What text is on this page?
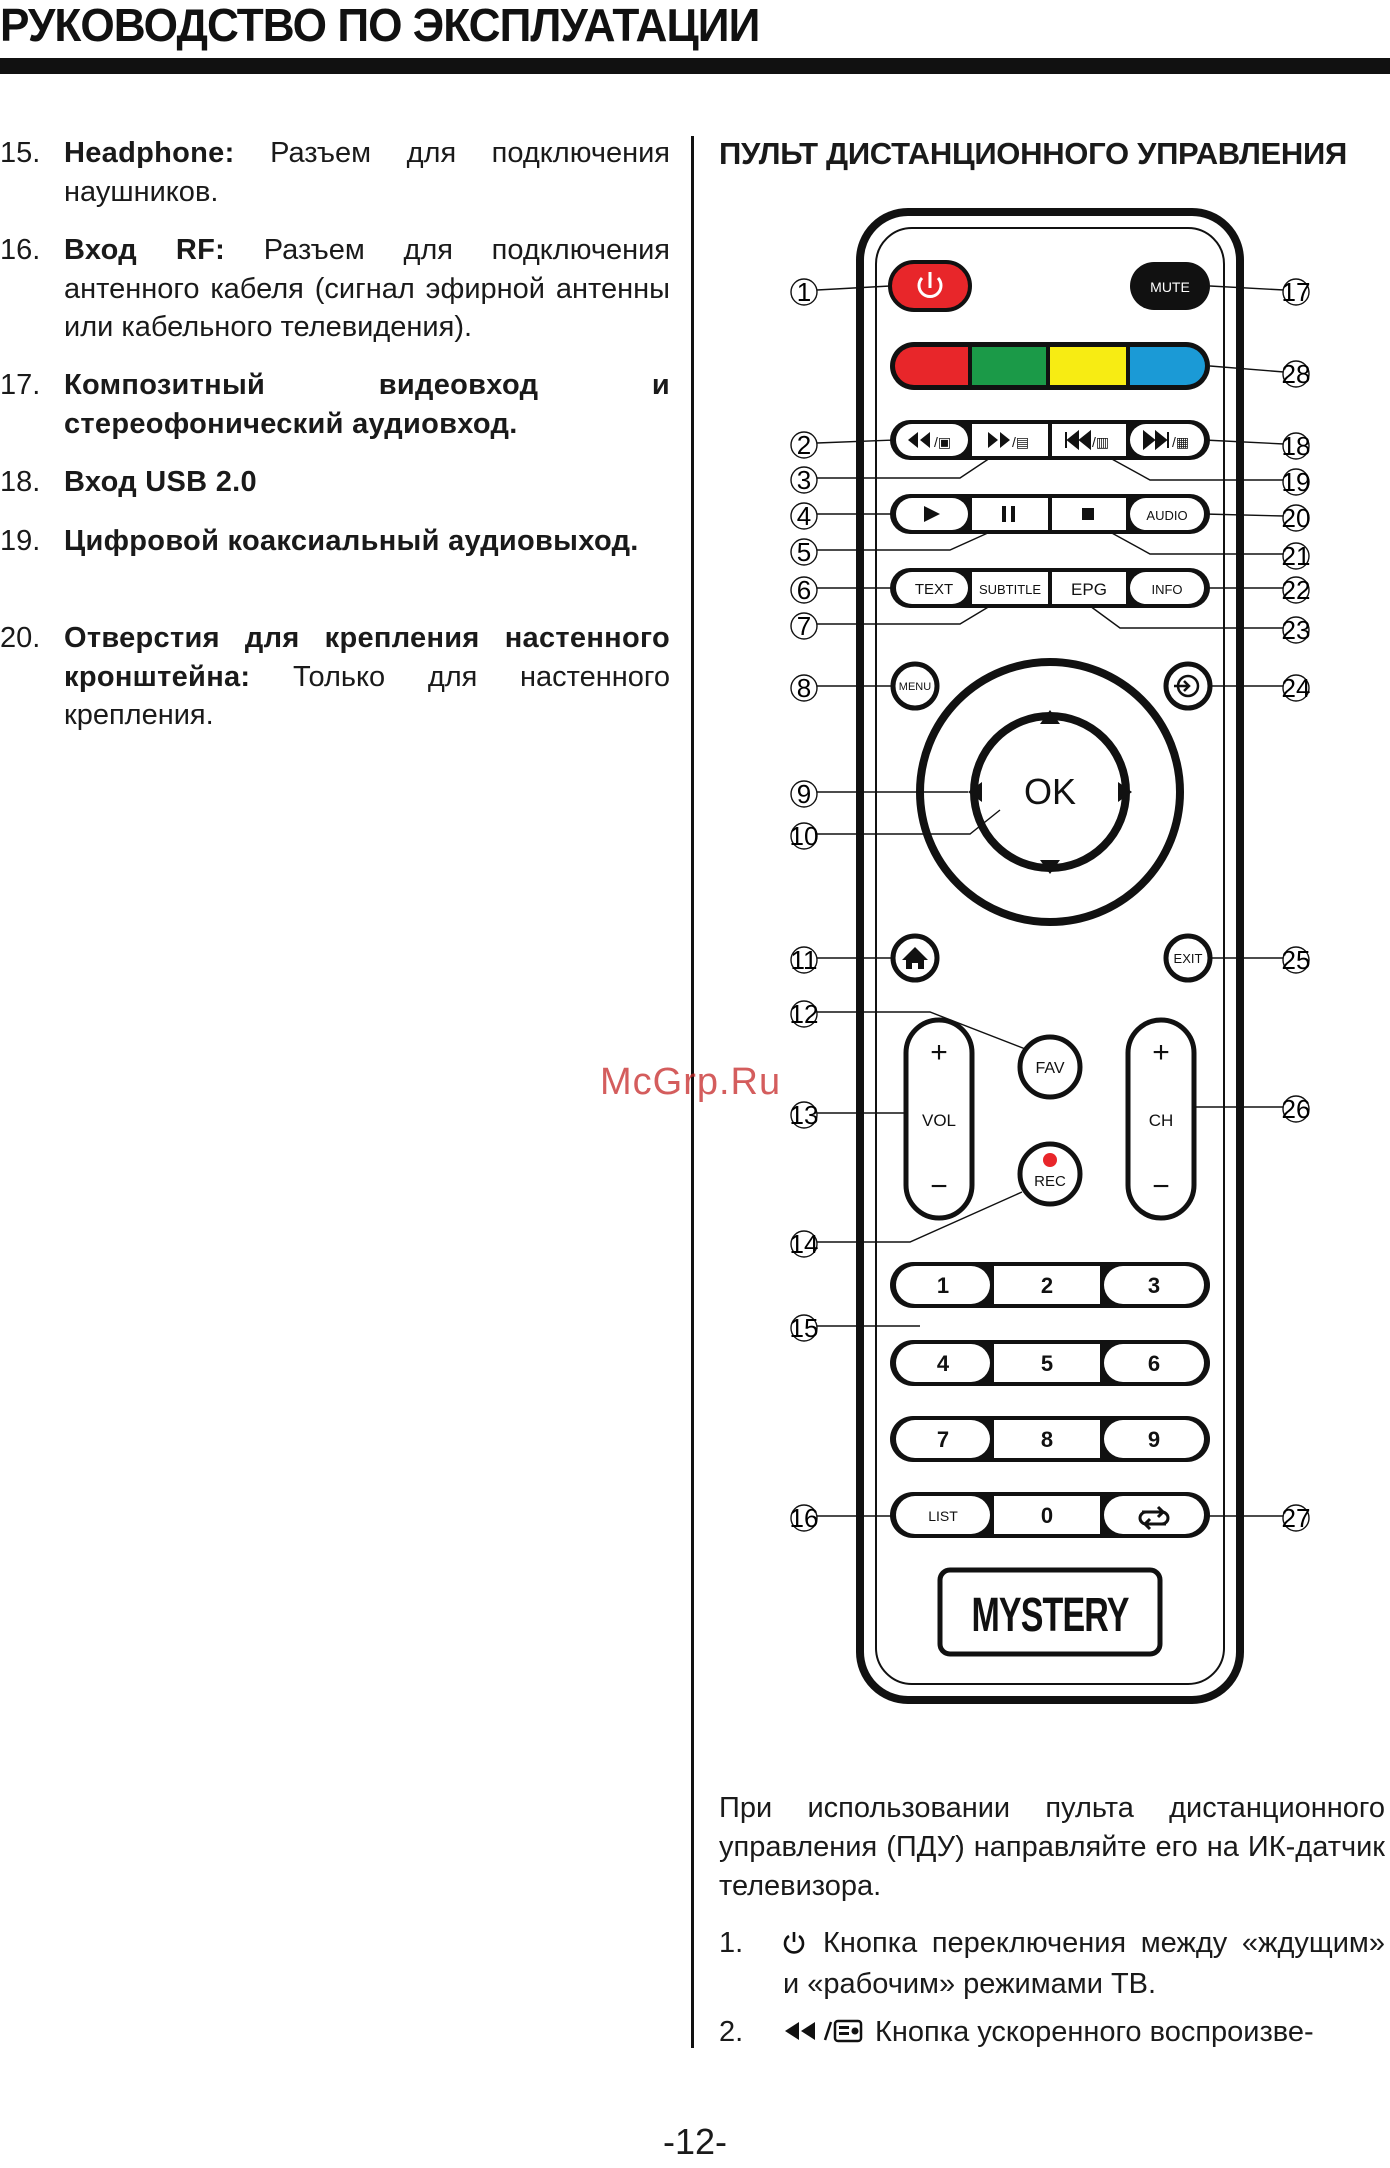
РУКОВОДСТВО ПО ЭКСПЛУАТАЦИИ
15. Headphone: Разъем для подключения наушников.
16. Вход RF: Разъем для подключения антенного кабеля (сигнал эфирной антенны или кабельного телевидения).
17. Композитный видеовход и стереофонический аудиовход.
18. Вход USB 2.0
19. Цифровой коаксиальный аудиовыход.
20. Отверстия для крепления настенного кронштейна: Только для настенного крепления.
ПУЛЬТ ДИСТАНЦИОННОГО УПРАВЛЕНИЯ
MUTE
/▣	/▤	/▥	/▦
AUDIO
TEXT SUBTITLE EPG	INFO
MENU
OK
EXIT
+
VOL
−
+
CH
−
FAV
REC
1	2	3
4	5	6
7	8	9
LIST	0
MYSTERY
1
2
3
4
5
6
7
8
9
10
11
12
13
14
15
16
17
28
18
19
20
21
22
23
24
25
26
27
McGrp.Ru
При использовании пульта дистанционного управления (ПДУ) направляйте его на ИК-датчик телевизора.
1.	Кнопка переключения между «ждущим» и «рабочим» режимами ТВ.
2.	Кнопка ускоренного воспроизве-
-12-
